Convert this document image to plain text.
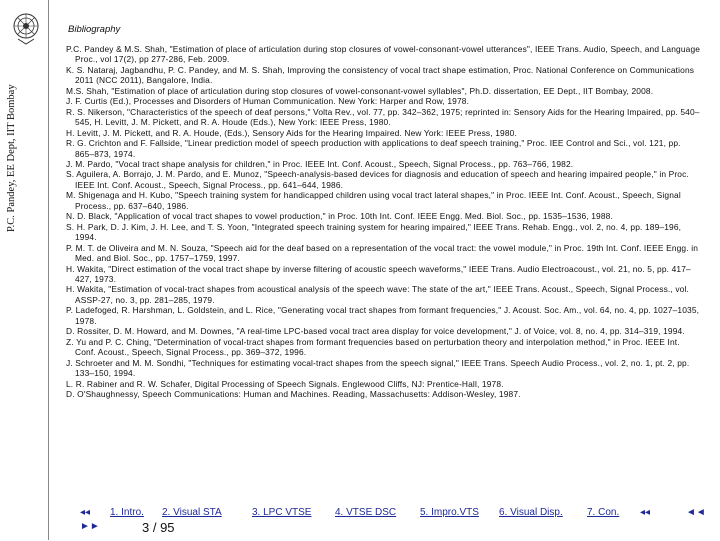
P.C. Pandey, EE Dept, IIT Bombay
Bibliography
P.C. Pandey & M.S. Shah, "Estimation of place of articulation during stop closures of vowel-consonant-vowel utterances", IEEE Trans. Audio, Speech, and Language Proc., vol 17(2), pp 277-286, Feb. 2009.
K. S. Nataraj, Jagbandhu, P. C. Pandey, and M. S. Shah, Improving the consistency of vocal tract shape estimation, Proc. National Conference on Communications 2011 (NCC 2011), Bangalore, India.
M.S. Shah, "Estimation of place of articulation during stop closures of vowel-consonant-vowel syllables", Ph.D. dissertation, EE Dept., IIT Bombay, 2008.
J. F. Curtis (Ed.), Processes and Disorders of Human Communication. New York: Harper and Row, 1978.
R. S. Nikerson, "Characteristics of the speech of deaf persons," Volta Rev., vol. 77, pp. 342–362, 1975; reprinted in: Sensory Aids for the Hearing Impaired, pp. 540–545, H. Levitt, J. M. Pickett, and R. A. Houde (Eds.), New York: IEEE Press, 1980.
H. Levitt, J. M. Pickett, and R. A. Houde, (Eds.), Sensory Aids for the Hearing Impaired. New York: IEEE Press, 1980.
R. G. Crichton and F. Fallside, "Linear prediction model of speech production with applications to deaf speech training," Proc. IEE Control and Sci., vol. 121, pp. 865–873, 1974.
J. M. Pardo, "Vocal tract shape analysis for children," in Proc. IEEE Int. Conf. Acoust., Speech, Signal Process., pp. 763–766, 1982.
S. Aguilera, A. Borrajo, J. M. Pardo, and E. Munoz, "Speech-analysis-based devices for diagnosis and education of speech and hearing impaired people," in Proc. IEEE Int. Conf. Acoust., Speech, Signal Process., pp. 641–644, 1986.
M. Shigenaga and H. Kubo, "Speech training system for handicapped children using vocal tract lateral shapes," in Proc. IEEE Int. Conf. Acoust., Speech, Signal Process., pp. 637–640, 1986.
N. D. Black, "Application of vocal tract shapes to vowel production," in Proc. 10th Int. Conf. IEEE Engg. Med. Biol. Soc., pp. 1535–1536, 1988.
S. H. Park, D. J. Kim, J. H. Lee, and T. S. Yoon, "Integrated speech training system for hearing impaired," IEEE Trans. Rehab. Engg., vol. 2, no. 4, pp. 189–196, 1994.
P. M. T. de Oliveira and M. N. Souza, "Speech aid for the deaf based on a representation of the vocal tract: the vowel module," in Proc. 19th Int. Conf. IEEE Engg. in Med. and Biol. Soc., pp. 1757–1759, 1997.
H. Wakita, "Direct estimation of the vocal tract shape by inverse filtering of acoustic speech waveforms," IEEE Trans. Audio Electroacoust., vol. 21, no. 5, pp. 417–427, 1973.
H. Wakita, "Estimation of vocal-tract shapes from acoustical analysis of the speech wave: The state of the art," IEEE Trans. Acoust., Speech, Signal Process., vol. ASSP-27, no. 3, pp. 281–285, 1979.
P. Ladefoged, R. Harshman, L. Goldstein, and L. Rice, "Generating vocal tract shapes from formant frequencies," J. Acoust. Soc. Am., vol. 64, no. 4, pp. 1027–1035, 1978.
D. Rossiter, D. M. Howard, and M. Downes, "A real-time LPC-based vocal tract area display for voice development," J. of Voice, vol. 8, no. 4, pp. 314–319, 1994.
Z. Yu and P. C. Ching, "Determination of vocal-tract shapes from formant frequencies based on perturbation theory and interpolation method," in Proc. IEEE Int. Conf. Acoust., Speech, Signal Process., pp. 369–372, 1996.
J. Schroeter and M. M. Sondhi, "Techniques for estimating vocal-tract shapes from the speech signal," IEEE Trans. Speech Audio Process., vol. 2, no. 1, pt. 2, pp. 133–150, 1994.
L. R. Rabiner and R. W. Schafer, Digital Processing of Speech Signals. Englewood Cliffs, NJ: Prentice-Hall, 1978.
D. O'Shaughnessy, Speech Communications: Human and Machines. Reading, Massachusetts: Addison-Wesley, 1987.
◂◂ 1. Intro. 2. Visual STA	3. LPC VTSE 4. VTSE DSC 5. Impro.VTS 6. Visual Disp. 7. Con. ◂◂	◄◄
►►	3 / 95
